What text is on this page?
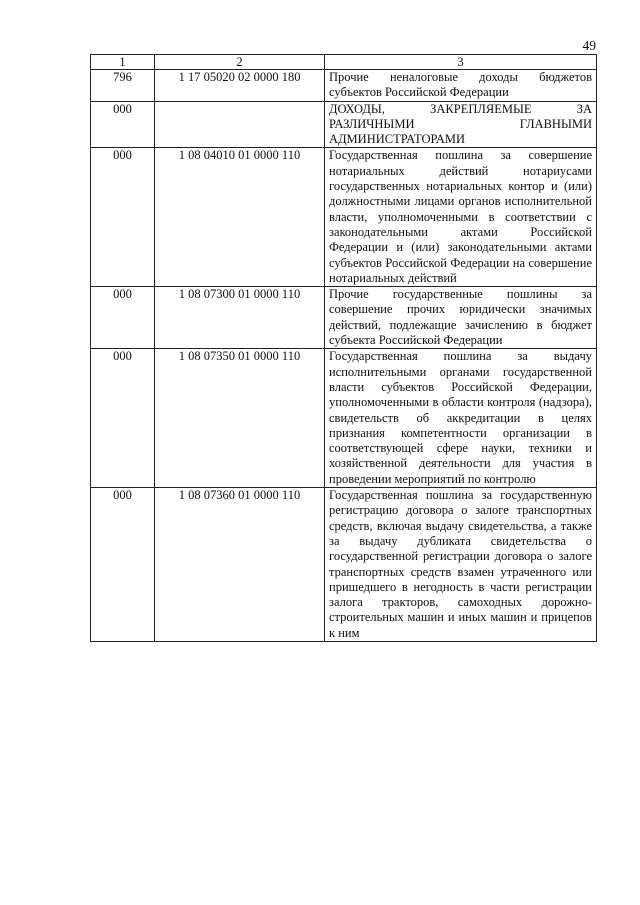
49
1	2	3
796	1 17 05020 02 0000 180	Прочие неналоговые доходы бюджетов субъектов Российской Федерации
000		ДОХОДЫ, ЗАКРЕПЛЯЕМЫЕ ЗА РАЗЛИЧНЫМИ ГЛАВНЫМИ АДМИНИСТРАТОРАМИ
000	1 08 04010 01 0000 110	Государственная пошлина за совершение нотариальных действий нотариусами государственных нотариальных контор и (или) должностными лицами органов исполнительной власти, уполномоченными в соответствии с законодательными актами Российской Федерации и (или) законодательными актами субъектов Российской Федерации на совершение нотариальных действий
000	1 08 07300 01 0000 110	Прочие государственные пошлины за совершение прочих юридически значимых действий, подлежащие зачислению в бюджет субъекта Российской Федерации
000	1 08 07350 01 0000 110	Государственная пошлина за выдачу исполнительными органами государственной власти субъектов Российской Федерации, уполномоченными в области контроля (надзора), свидетельств об аккредитации в целях признания компетентности организации в соответствующей сфере науки, техники и хозяйственной деятельности для участия в проведении мероприятий по контролю
000	1 08 07360 01 0000 110	Государственная пошлина за государственную регистрацию договора о залоге транспортных средств, включая выдачу свидетельства, а также за выдачу дубликата свидетельства о государственной регистрации договора о залоге транспортных средств взамен утраченного или пришедшего в негодность в части регистрации залога тракторов, самоходных дорожно-строительных машин и иных машин и прицепов к ним
